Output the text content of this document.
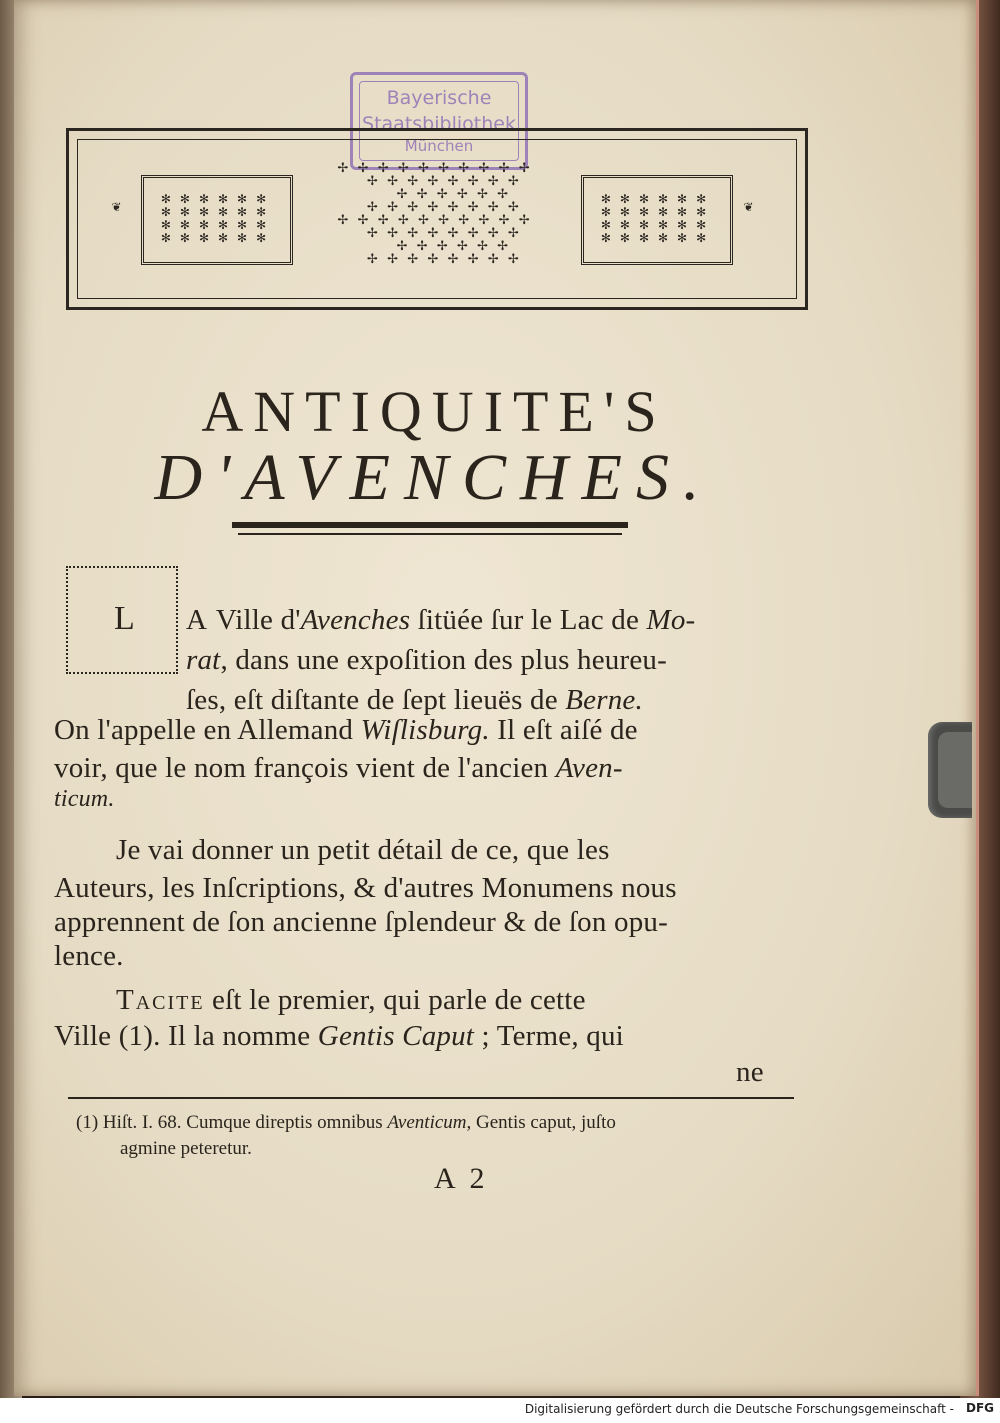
Bayerische
Staatsbibliothek
München
✻ ✻ ✻ ✻ ✻ ✻
✻ ✻ ✻ ✻ ✻ ✻
✻ ✻ ✻ ✻ ✻ ✻
✻ ✻ ✻ ✻ ✻ ✻
✻ ✻ ✻ ✻ ✻ ✻
✻ ✻ ✻ ✻ ✻ ✻
✻ ✻ ✻ ✻ ✻ ✻
✻ ✻ ✻ ✻ ✻ ✻
✢ ✢ ✢ ✢ ✢ ✢ ✢ ✢ ✢ ✢
✢ ✢ ✢ ✢ ✢ ✢ ✢ ✢
✢ ✢ ✢ ✢ ✢ ✢
✢ ✢ ✢ ✢ ✢ ✢ ✢ ✢
✢ ✢ ✢ ✢ ✢ ✢ ✢ ✢ ✢ ✢
✢ ✢ ✢ ✢ ✢ ✢ ✢ ✢
✢ ✢ ✢ ✢ ✢ ✢
✢ ✢ ✢ ✢ ✢ ✢ ✢ ✢
❦	❦
ANTIQUITE'S
D'AVENCHES.
L A Ville d'Avenches ſitüée ſur le Lac de Mo-
rat, dans une expoſition des plus heureu-
ſes, eſt diſtante de ſept lieuës de Berne.
On l'appelle en Allemand Wiſlisburg. Il eſt aiſé de
voir, que le nom françois vient de l'ancien Aven-
ticum.
Je vai donner un petit détail de ce, que les
Auteurs, les Inſcriptions, & d'autres Monumens nous
apprennent de ſon ancienne ſplendeur & de ſon opu-
lence.
Tacite eſt le premier, qui parle de cette
Ville (1). Il la nomme Gentis Caput ; Terme, qui
ne
(1) Hiſt. I. 68. Cumque direptis omnibus Aventicum, Gentis caput, juſto
agmine peteretur.
A 2
Digitalisierung gefördert durch die Deutsche Forschungsgemeinschaft - DFG
